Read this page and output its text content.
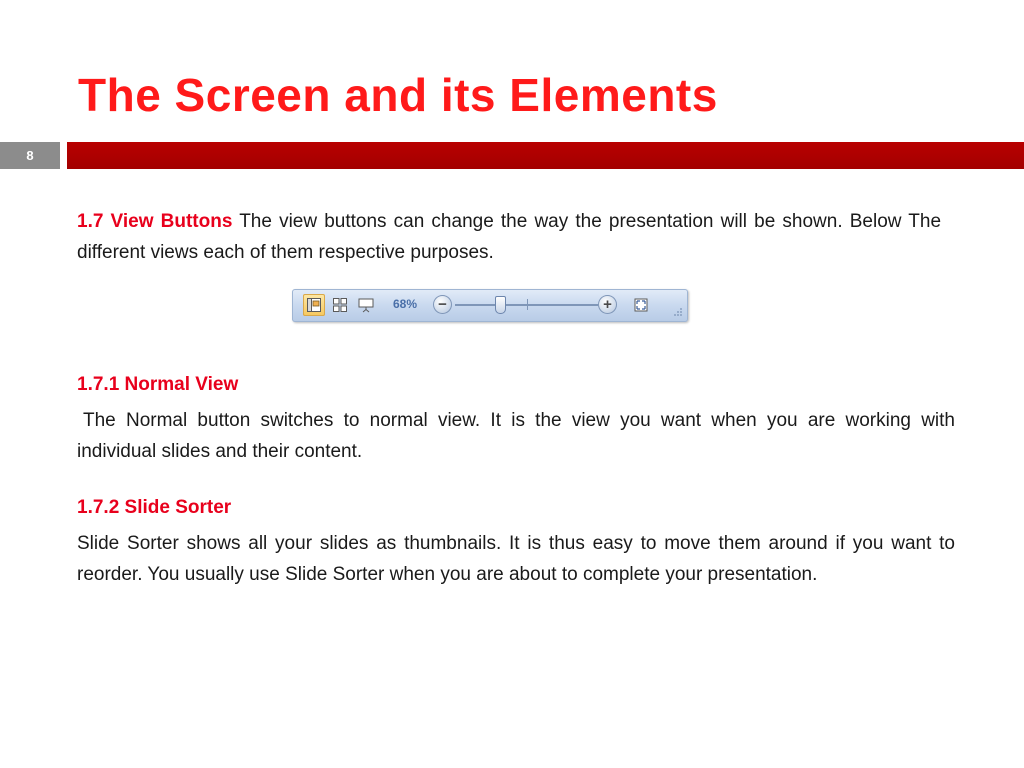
The Screen and its Elements
8
1.7 View Buttons The view buttons can change the way the presentation will be shown. Below The different views each of them respective purposes.
68%	−	+
1.7.1 Normal View
The Normal button switches to normal view. It is the view you want when you are working with individual slides and their content.
1.7.2 Slide Sorter
Slide Sorter shows all your slides as thumbnails. It is thus easy to move them around if you want to reorder. You usually use Slide Sorter when you are about to complete your presentation.
